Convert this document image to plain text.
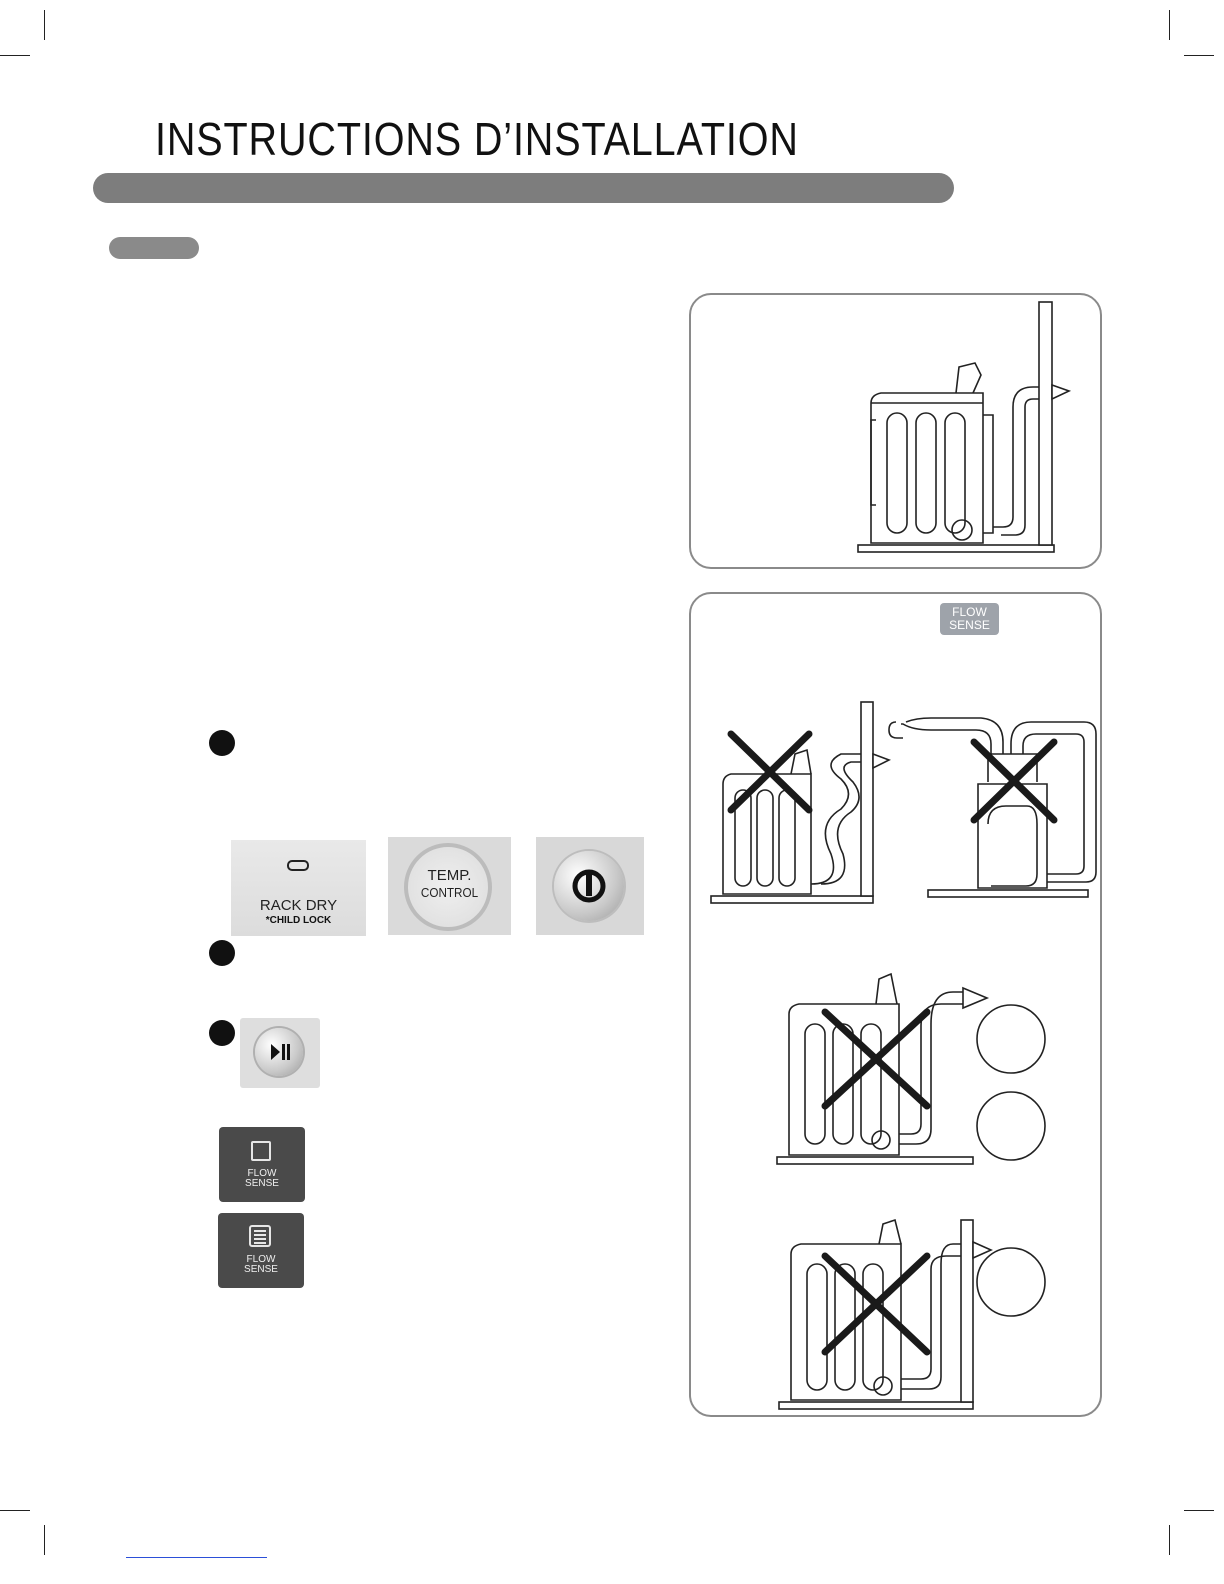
INSTRUCTIONS D’INSTALLATION
RACK DRY
*CHILD LOCK
TEMP.
CONTROL
FLOW
SENSE
FLOW
SENSE
FLOW
SENSE
